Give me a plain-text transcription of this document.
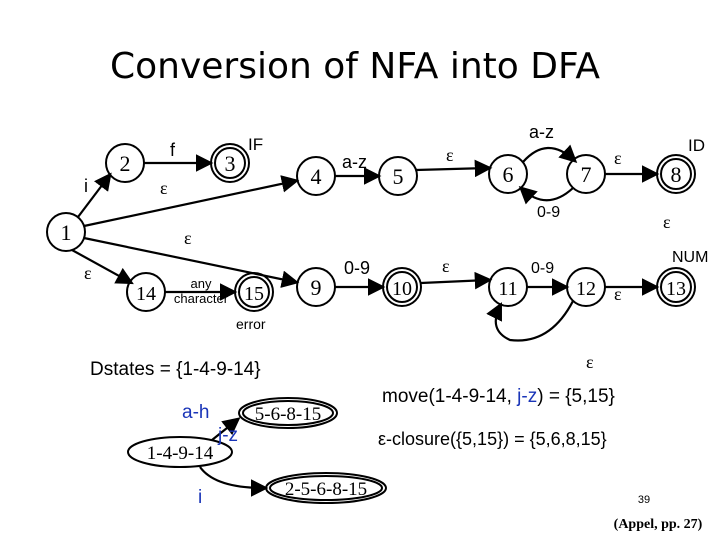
Conversion of NFA into DFA
1
2	3
4	5	6	7	8
9	10	11	12	13
14	15
i
f	IF
ε
a-z	ε
a-z
ID
ε
0-9	ε
ε
ε
NUM
0-9	ε	0-9
ε
ε
any
character
error
Dstates = {1-4-9-14}
1-4-9-14
5-6-8-15
2-5-6-8-15
a-h
j-z
i
move(1-4-9-14, j-z) = {5,15}
ε-closure({5,15}) = {5,6,8,15}
39
(Appel, pp. 27)
